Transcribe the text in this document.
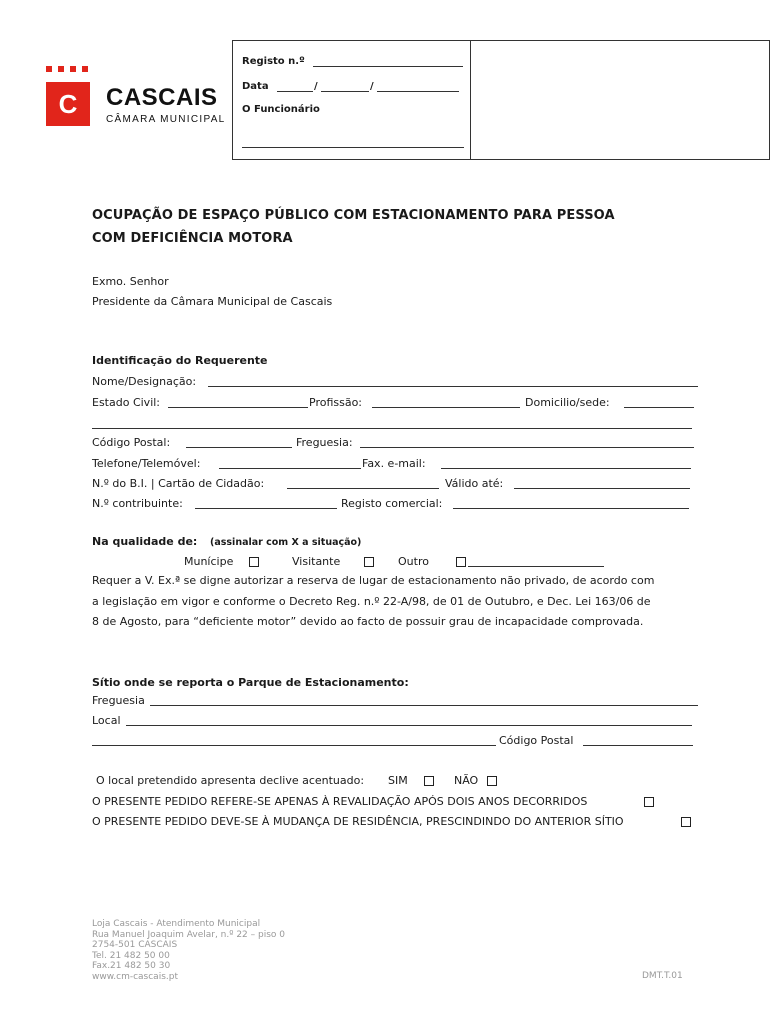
C	CASCAIS
CÂMARA MUNICIPAL
Registo n.º
Data	/	/
O Funcionário
OCUPAÇÃO DE ESPAÇO PÚBLICO COM ESTACIONAMENTO PARA PESSOA
COM DEFICIÊNCIA MOTORA
Exmo. Senhor
Presidente da Câmara Municipal de Cascais
Identificação do Requerente
Nome/Designação:
Estado Civil:	Profissão:	Domicilio/sede:
Código Postal:	Freguesia:
Telefone/Telemóvel:	Fax. e-mail:
N.º do B.I. | Cartão de Cidadão:	Válido até:
N.º contribuinte:	Registo comercial:
Na qualidade de: (assinalar com X a situação)
Munícipe	Visitante	Outro
Requer a V. Ex.ª se digne autorizar a reserva de lugar de estacionamento não privado, de acordo com
a legislação em vigor e conforme o Decreto Reg. n.º 22-A/98, de 01 de Outubro, e Dec. Lei 163/06 de
8 de Agosto, para “deficiente motor” devido ao facto de possuir grau de incapacidade comprovada.
Sítio onde se reporta o Parque de Estacionamento:
Freguesia
Local
Código Postal
O local pretendido apresenta declive acentuado: SIM	NÃO
O PRESENTE PEDIDO REFERE-SE APENAS À REVALIDAÇÃO APÓS DOIS ANOS DECORRIDOS
O PRESENTE PEDIDO DEVE-SE À MUDANÇA DE RESIDÊNCIA, PRESCINDINDO DO ANTERIOR SÍTIO
Loja Cascais - Atendimento Municipal
Rua Manuel Joaquim Avelar, n.º 22 – piso 0
2754-501 CASCAIS
Tel. 21 482 50 00
Fax.21 482 50 30
www.cm-cascais.pt	DMT.T.01
